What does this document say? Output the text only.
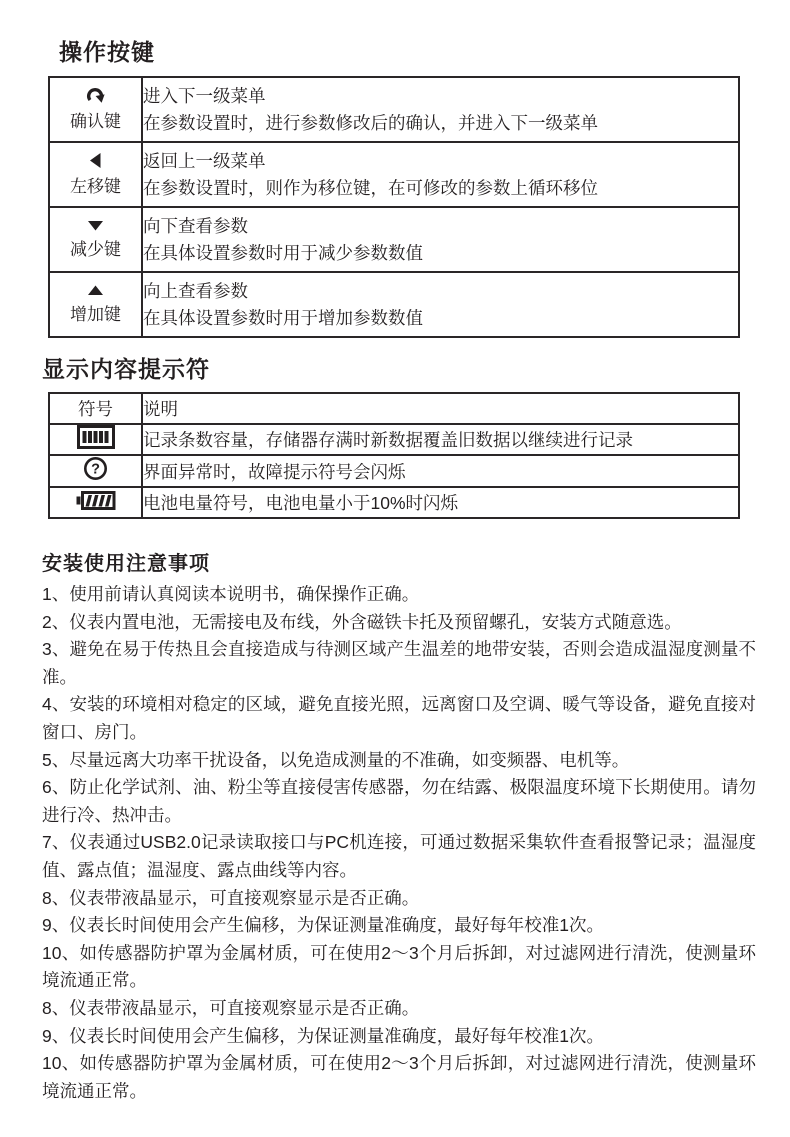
操作按键
确认键	进入下一级菜单
在参数设置时，进行参数修改后的确认，并进入下一级菜单

左移键	返回上一级菜单
在参数设置时，则作为移位键，在可修改的参数上循环移位

减少键	向下查看参数
在具体设置参数时用于减少参数数值

增加键	向上查看参数
在具体设置参数时用于增加参数数值
显示内容提示符
符号	说明

	记录条数容量，存储器存满时新数据覆盖旧数据以继续进行记录

?	界面异常时，故障提示符号会闪烁

	电池电量符号，电池电量小于10%时闪烁
安装使用注意事项

1、使用前请认真阅读本说明书，确保操作正确。

2、仪表内置电池，无需接电及布线，外含磁铁卡托及预留螺孔，安装方式随意选。

3、避免在易于传热且会直接造成与待测区域产生温差的地带安装，否则会造成温湿度测量不准。

4、安装的环境相对稳定的区域，避免直接光照，远离窗口及空调、暖气等设备，避免直接对窗口、房门。

5、尽量远离大功率干扰设备，以免造成测量的不准确，如变频器、电机等。

6、防止化学试剂、油、粉尘等直接侵害传感器，勿在结露、极限温度环境下长期使用。请勿进行冷、热冲击。

7、仪表通过USB2.0记录读取接口与PC机连接，可通过数据采集软件查看报警记录；温湿度值、露点值；温湿度、露点曲线等内容。

8、仪表带液晶显示，可直接观察显示是否正确。

9、仪表长时间使用会产生偏移，为保证测量准确度，最好每年校准1次。

10、如传感器防护罩为金属材质，可在使用2～3个月后拆卸，对过滤网进行清洗，使测量环境流通正常。

8、仪表带液晶显示，可直接观察显示是否正确。

9、仪表长时间使用会产生偏移，为保证测量准确度，最好每年校准1次。

10、如传感器防护罩为金属材质，可在使用2～3个月后拆卸，对过滤网进行清洗，使测量环境流通正常。
